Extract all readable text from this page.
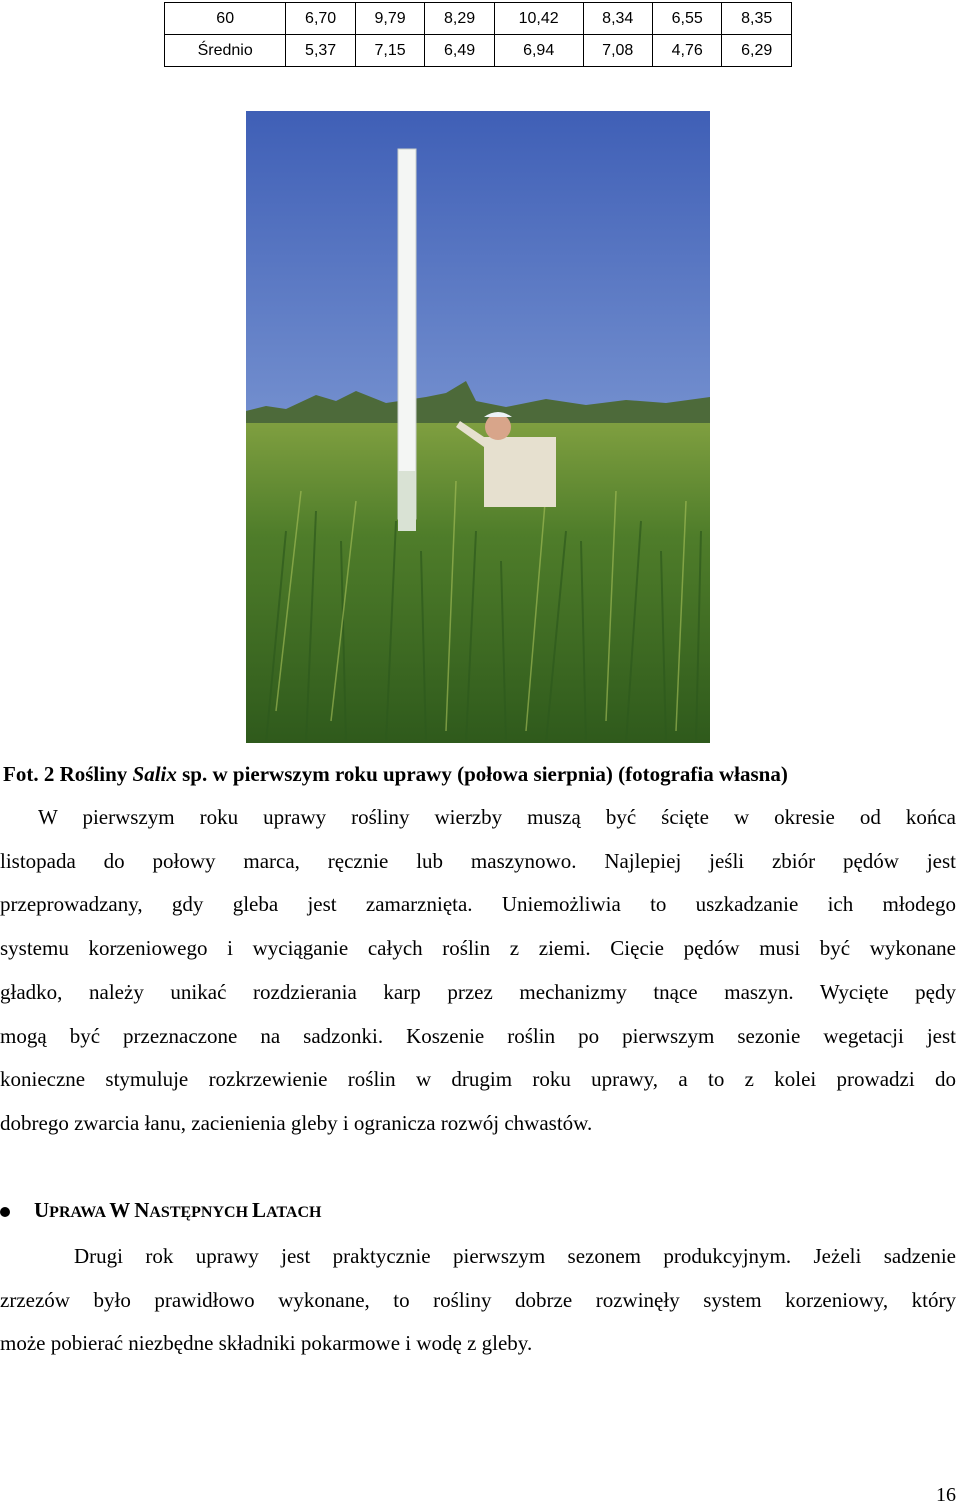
60	6,70	9,79	8,29	10,42	8,34	6,55	8,35
Średnio	5,37	7,15	6,49	6,94	7,08	4,76	6,29
Fot. 2 Rośliny Salix sp. w pierwszym roku uprawy (połowa sierpnia) (fotografia własna)
W pierwszym roku uprawy rośliny wierzby muszą być ścięte w okresie od końca
listopada do połowy marca, ręcznie lub maszynowo. Najlepiej jeśli zbiór pędów jest
przeprowadzany, gdy gleba jest zamarznięta. Uniemożliwia to uszkadzanie ich młodego
systemu korzeniowego i wyciąganie całych roślin z ziemi. Cięcie pędów musi być wykonane
gładko, należy unikać rozdzierania karp przez mechanizmy tnące maszyn. Wycięte pędy
mogą być przeznaczone na sadzonki. Koszenie roślin po pierwszym sezonie wegetacji jest
konieczne stymuluje rozkrzewienie roślin w drugim roku uprawy, a to z kolei prowadzi do
dobrego zwarcia łanu, zacienienia gleby i ogranicza rozwój chwastów.
UPRAWA W NASTĘPNYCH LATACH
Drugi rok uprawy jest praktycznie pierwszym sezonem produkcyjnym. Jeżeli sadzenie
zrzezów było prawidłowo wykonane, to rośliny dobrze rozwinęły system korzeniowy, który
może pobierać niezbędne składniki pokarmowe i wodę z gleby.
16
